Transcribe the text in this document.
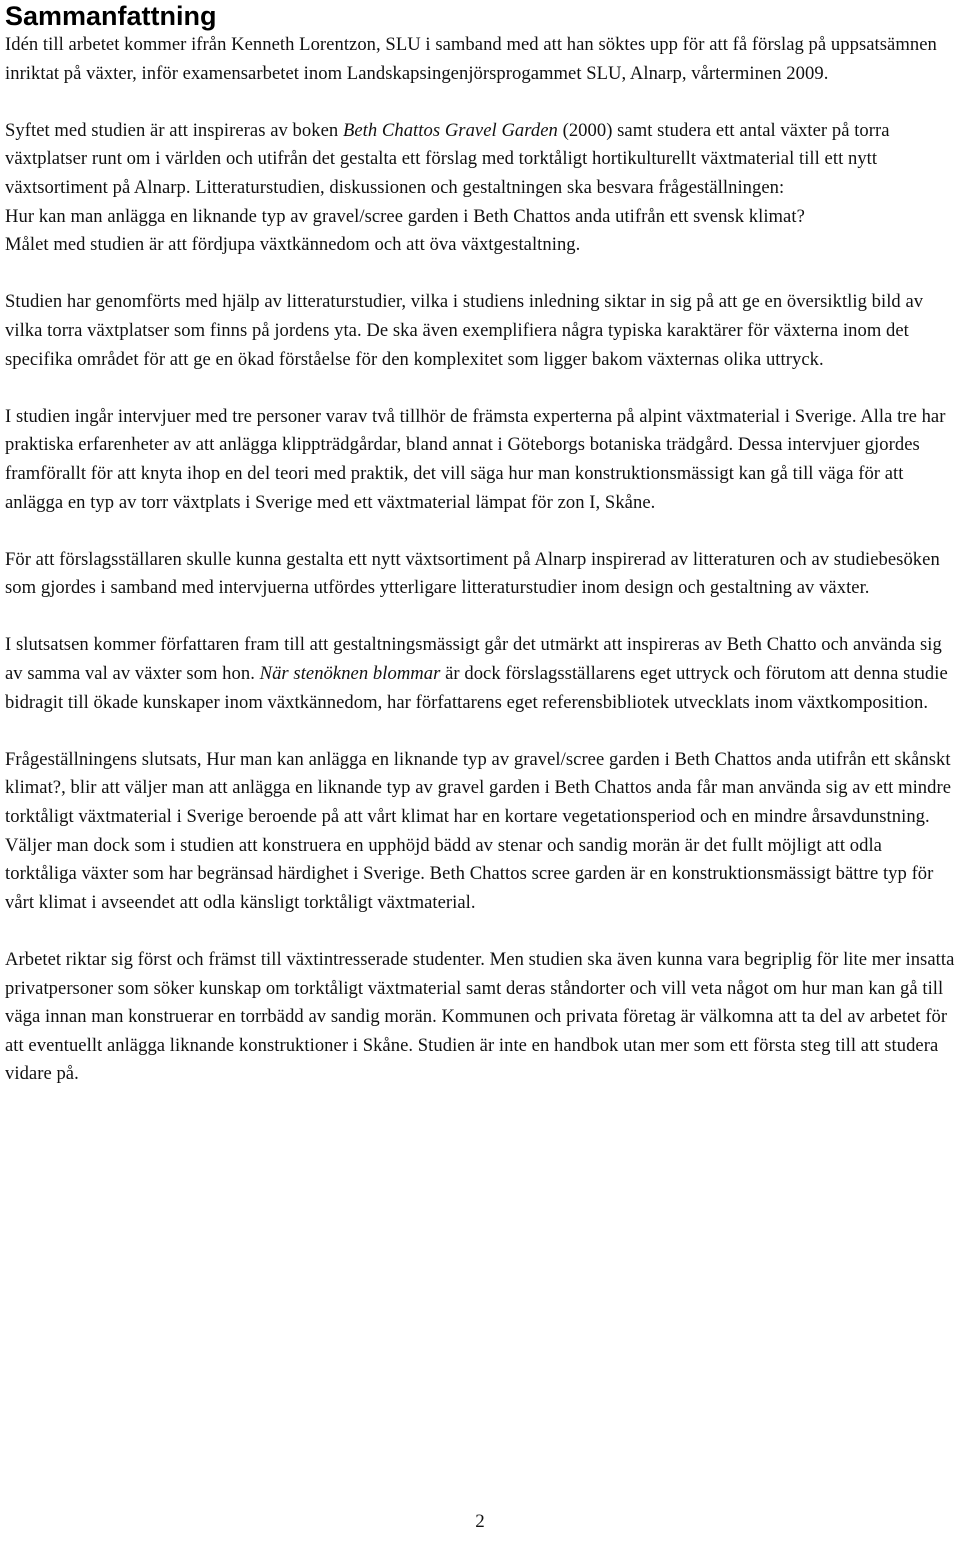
Sammanfattning

Idén till arbetet kommer ifrån Kenneth Lorentzon, SLU i samband med att han söktes upp för att få förslag på uppsatsämnen inriktat på växter, inför examensarbetet inom Landskapsingenjörsprogammet SLU, Alnarp, vårterminen 2009.

Syftet med studien är att inspireras av boken Beth Chattos Gravel Garden (2000) samt studera ett antal växter på torra växtplatser runt om i världen och utifrån det gestalta ett förslag med torktåligt hortikulturellt växtmaterial till ett nytt växtsortiment på Alnarp. Litteraturstudien, diskussionen och gestaltningen ska besvara frågeställningen:

Hur kan man anlägga en liknande typ av gravel/scree garden i Beth Chattos anda utifrån ett svensk klimat?

Målet med studien är att fördjupa växtkännedom och att öva växtgestaltning.

Studien har genomförts med hjälp av litteraturstudier, vilka i studiens inledning siktar in sig på att ge en översiktlig bild av vilka torra växtplatser som finns på jordens yta. De ska även exemplifiera några typiska karaktärer för växterna inom det specifika området för att ge en ökad förståelse för den komplexitet som ligger bakom växternas olika uttryck.

I studien ingår intervjuer med tre personer varav två tillhör de främsta experterna på alpint växtmaterial i Sverige. Alla tre har praktiska erfarenheter av att anlägga klippträdgårdar, bland annat i Göteborgs botaniska trädgård. Dessa intervjuer gjordes framförallt för att knyta ihop en del teori med praktik, det vill säga hur man konstruktionsmässigt kan gå till väga för att anlägga en typ av torr växtplats i Sverige med ett växtmaterial lämpat för zon I, Skåne.

För att förslagsställaren skulle kunna gestalta ett nytt växtsortiment på Alnarp inspirerad av litteraturen och av studiebesöken som gjordes i samband med intervjuerna utfördes ytterligare litteraturstudier inom design och gestaltning av växter.

I slutsatsen kommer författaren fram till att gestaltningsmässigt går det utmärkt att inspireras av Beth Chatto och använda sig av samma val av växter som hon. När stenöknen blommar är dock förslagsställarens eget uttryck och förutom att denna studie bidragit till ökade kunskaper inom växtkännedom, har författarens eget referensbibliotek utvecklats inom växtkomposition.

Frågeställningens slutsats, Hur man kan anlägga en liknande typ av gravel/scree garden i Beth Chattos anda utifrån ett skånskt klimat?, blir att väljer man att anlägga en liknande typ av gravel garden i Beth Chattos anda får man använda sig av ett mindre torktåligt växtmaterial i Sverige beroende på att vårt klimat har en kortare vegetationsperiod och en mindre årsavdunstning. Väljer man dock som i studien att konstruera en upphöjd bädd av stenar och sandig morän är det fullt möjligt att odla torktåliga växter som har begränsad härdighet i Sverige. Beth Chattos scree garden är en konstruktionsmässigt bättre typ för vårt klimat i avseendet att odla känsligt torktåligt växtmaterial.

Arbetet riktar sig först och främst till växtintresserade studenter. Men studien ska även kunna vara begriplig för lite mer insatta privatpersoner som söker kunskap om torktåligt växtmaterial samt deras ståndorter och vill veta något om hur man kan gå till väga innan man konstruerar en torrbädd av sandig morän. Kommunen och privata företag är välkomna att ta del av arbetet för att eventuellt anlägga liknande konstruktioner i Skåne. Studien är inte en handbok utan mer som ett första steg till att studera vidare på.

2
